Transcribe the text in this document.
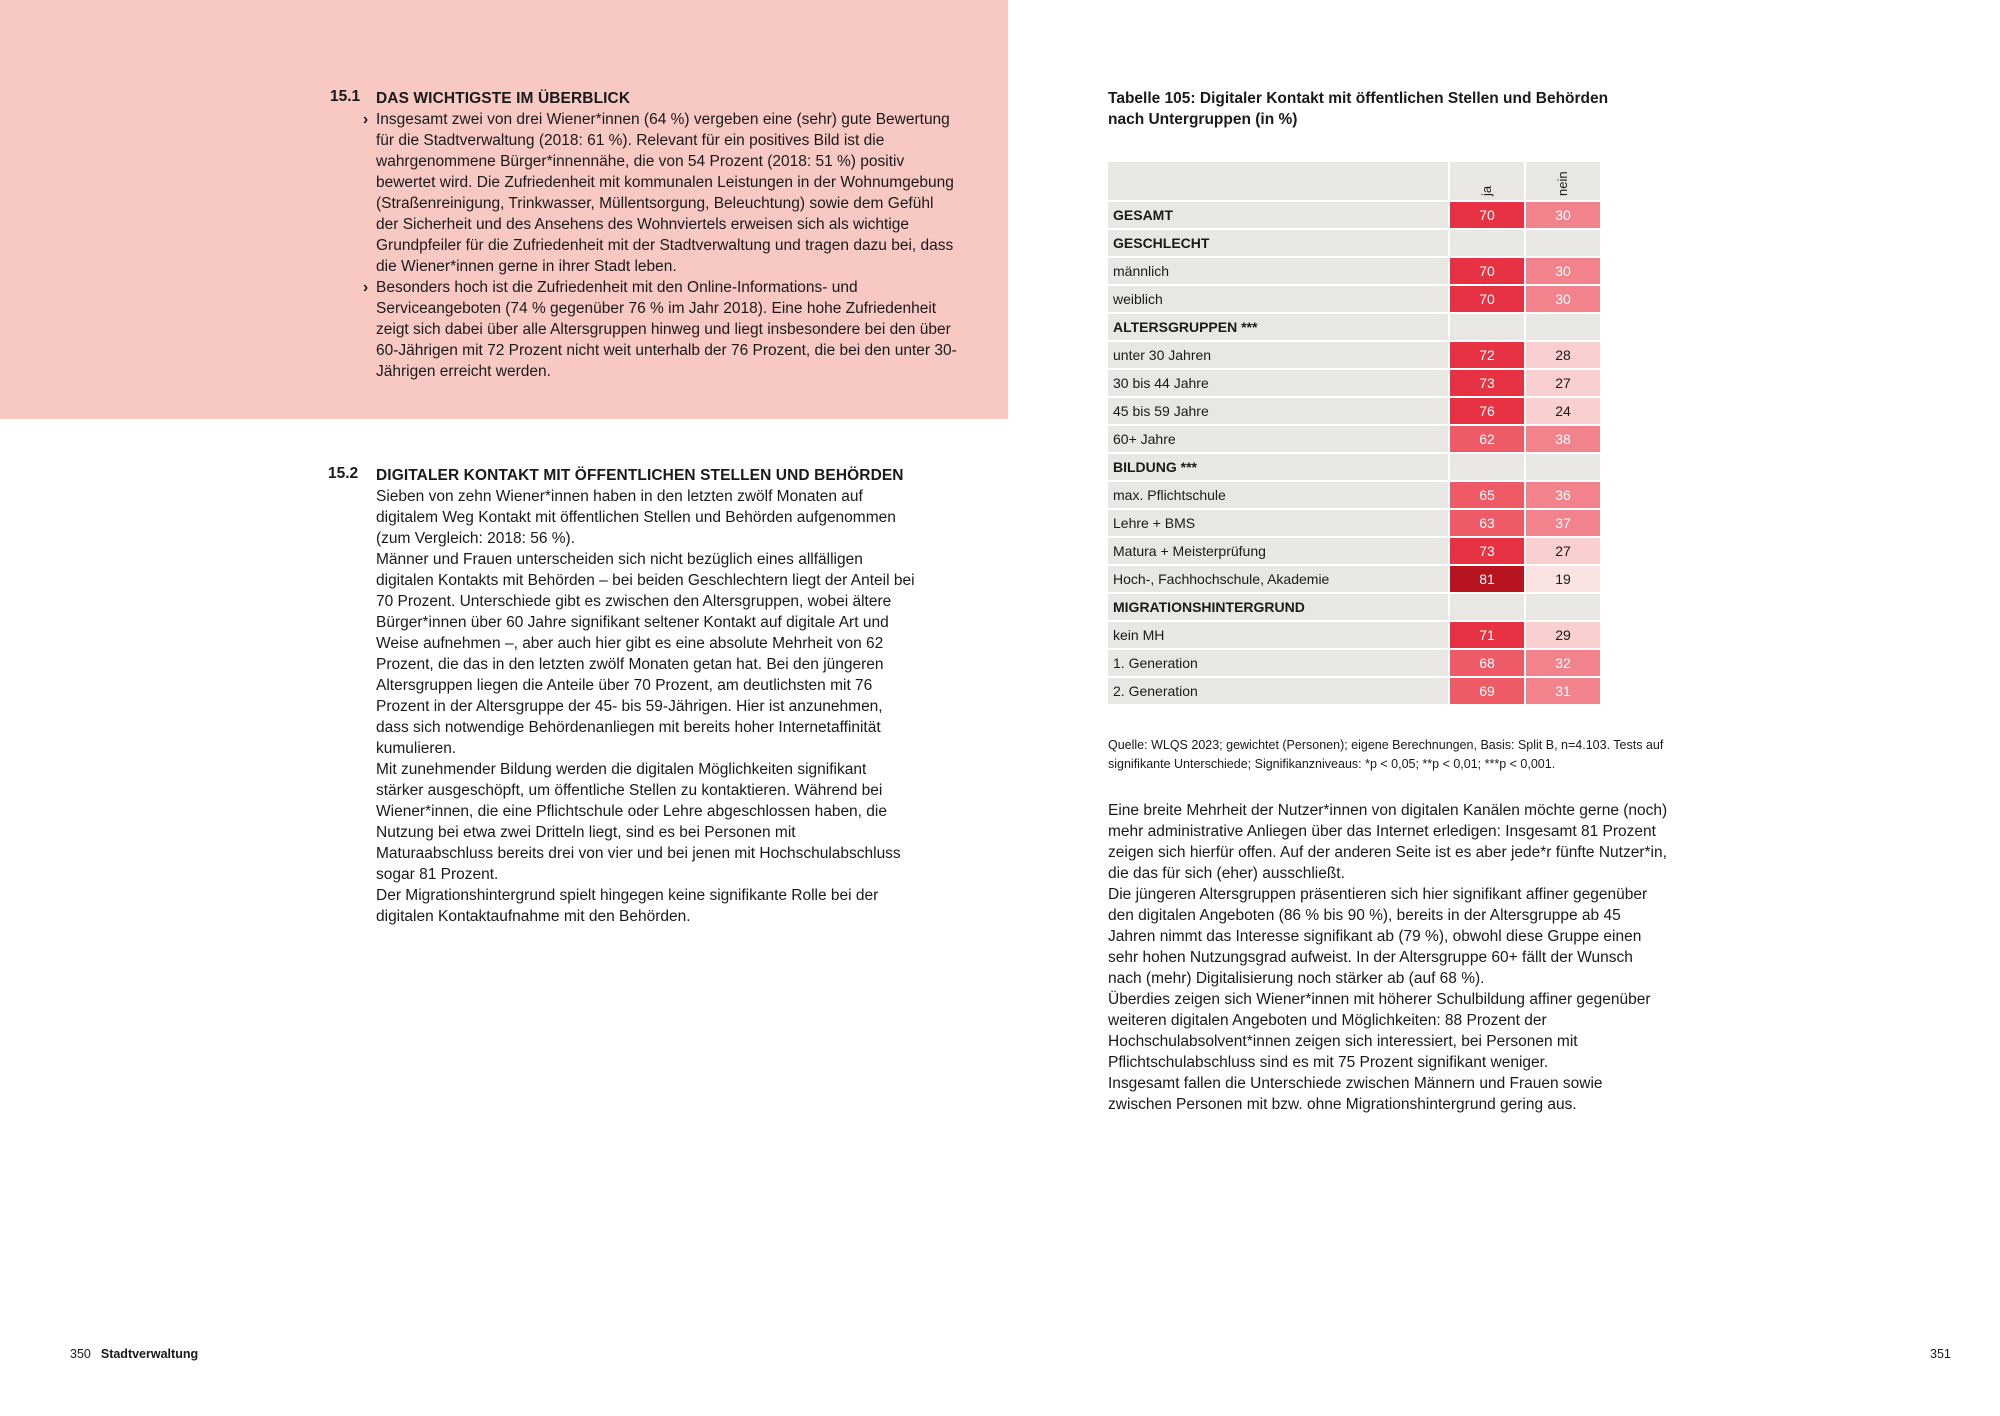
15.1 DAS WICHTIGSTE IM ÜBERBLICK
› Insgesamt zwei von drei Wiener*innen (64 %) vergeben eine (sehr) gute Bewertung für die Stadtverwaltung (2018: 61 %). Relevant für ein positives Bild ist die wahrgenommene Bürger*innennähe, die von 54 Prozent (2018: 51 %) positiv bewertet wird. Die Zufriedenheit mit kommunalen Leistungen in der Wohnumgebung (Straßenreinigung, Trinkwasser, Müllentsorgung, Beleuchtung) sowie dem Gefühl der Sicherheit und des Ansehens des Wohnviertels erweisen sich als wichtige Grundpfeiler für die Zufriedenheit mit der Stadtverwaltung und tragen dazu bei, dass die Wiener*innen gerne in ihrer Stadt leben.
› Besonders hoch ist die Zufriedenheit mit den Online-Informations- und Serviceangeboten (74 % gegenüber 76 % im Jahr 2018). Eine hohe Zufriedenheit zeigt sich dabei über alle Altersgruppen hinweg und liegt insbesondere bei den über 60-Jährigen mit 72 Prozent nicht weit unterhalb der 76 Prozent, die bei den unter 30-Jährigen erreicht werden.
15.2 DIGITALER KONTAKT MIT ÖFFENTLICHEN STELLEN UND BEHÖRDEN

Sieben von zehn Wiener*innen haben in den letzten zwölf Monaten auf digitalem Weg Kontakt mit öffentlichen Stellen und Behörden aufgenommen (zum Vergleich: 2018: 56 %).

Männer und Frauen unterscheiden sich nicht bezüglich eines allfälligen digitalen Kontakts mit Behörden – bei beiden Geschlechtern liegt der Anteil bei 70 Prozent. Unterschiede gibt es zwischen den Altersgruppen, wobei ältere Bürger*innen über 60 Jahre signifikant seltener Kontakt auf digitale Art und Weise aufnehmen –, aber auch hier gibt es eine absolute Mehrheit von 62 Prozent, die das in den letzten zwölf Monaten getan hat. Bei den jüngeren Altersgruppen liegen die Anteile über 70 Prozent, am deutlichsten mit 76 Prozent in der Altersgruppe der 45- bis 59-Jährigen. Hier ist anzunehmen, dass sich notwendige Behördenanliegen mit bereits hoher Internetaffinität kumulieren.

Mit zunehmender Bildung werden die digitalen Möglichkeiten signifikant stärker ausgeschöpft, um öffentliche Stellen zu kontaktieren. Während bei Wiener*innen, die eine Pflichtschule oder Lehre abgeschlossen haben, die Nutzung bei etwa zwei Dritteln liegt, sind es bei Personen mit Maturaabschluss bereits drei von vier und bei jenen mit Hochschulabschluss sogar 81 Prozent.

Der Migrationshintergrund spielt hingegen keine signifikante Rolle bei der digitalen Kontaktaufnahme mit den Behörden.

Tabelle 105: Digitaler Kontakt mit öffentlichen Stellen und Behörden nach Untergruppen (in %)
ja	nein
GESAMT	70	30
GESCHLECHT
männlich	70	30
weiblich	70	30
ALTERSGRUPPEN ***
unter 30 Jahren	72	28
30 bis 44 Jahre	73	27
45 bis 59 Jahre	76	24
60+ Jahre	62	38
BILDUNG ***
max. Pflichtschule	65	36
Lehre + BMS	63	37
Matura + Meisterprüfung	73	27
Hoch-, Fachhochschule, Akademie	81	19
MIGRATIONSHINTERGRUND
kein MH	71	29
1. Generation	68	32
2. Generation	69	31
Quelle: WLQS 2023; gewichtet (Personen); eigene Berechnungen, Basis: Split B, n=4.103. Tests auf signifikante Unterschiede; Signifikanzniveaus: *p < 0,05; **p < 0,01; ***p < 0,001.

Eine breite Mehrheit der Nutzer*innen von digitalen Kanälen möchte gerne (noch) mehr administrative Anliegen über das Internet erledigen: Insgesamt 81 Prozent zeigen sich hierfür offen. Auf der anderen Seite ist es aber jede*r fünfte Nutzer*in, die das für sich (eher) ausschließt.

Die jüngeren Altersgruppen präsentieren sich hier signifikant affiner gegenüber den digitalen Angeboten (86 % bis 90 %), bereits in der Altersgruppe ab 45 Jahren nimmt das Interesse signifikant ab (79 %), obwohl diese Gruppe einen sehr hohen Nutzungsgrad aufweist. In der Altersgruppe 60+ fällt der Wunsch nach (mehr) Digitalisierung noch stärker ab (auf 68 %).

Überdies zeigen sich Wiener*innen mit höherer Schulbildung affiner gegenüber weiteren digitalen Angeboten und Möglichkeiten: 88 Prozent der Hochschulabsolvent*innen zeigen sich interessiert, bei Personen mit Pflichtschulabschluss sind es mit 75 Prozent signifikant weniger.

Insgesamt fallen die Unterschiede zwischen Männern und Frauen sowie zwischen Personen mit bzw. ohne Migrationshintergrund gering aus.

350 Stadtverwaltung	351
